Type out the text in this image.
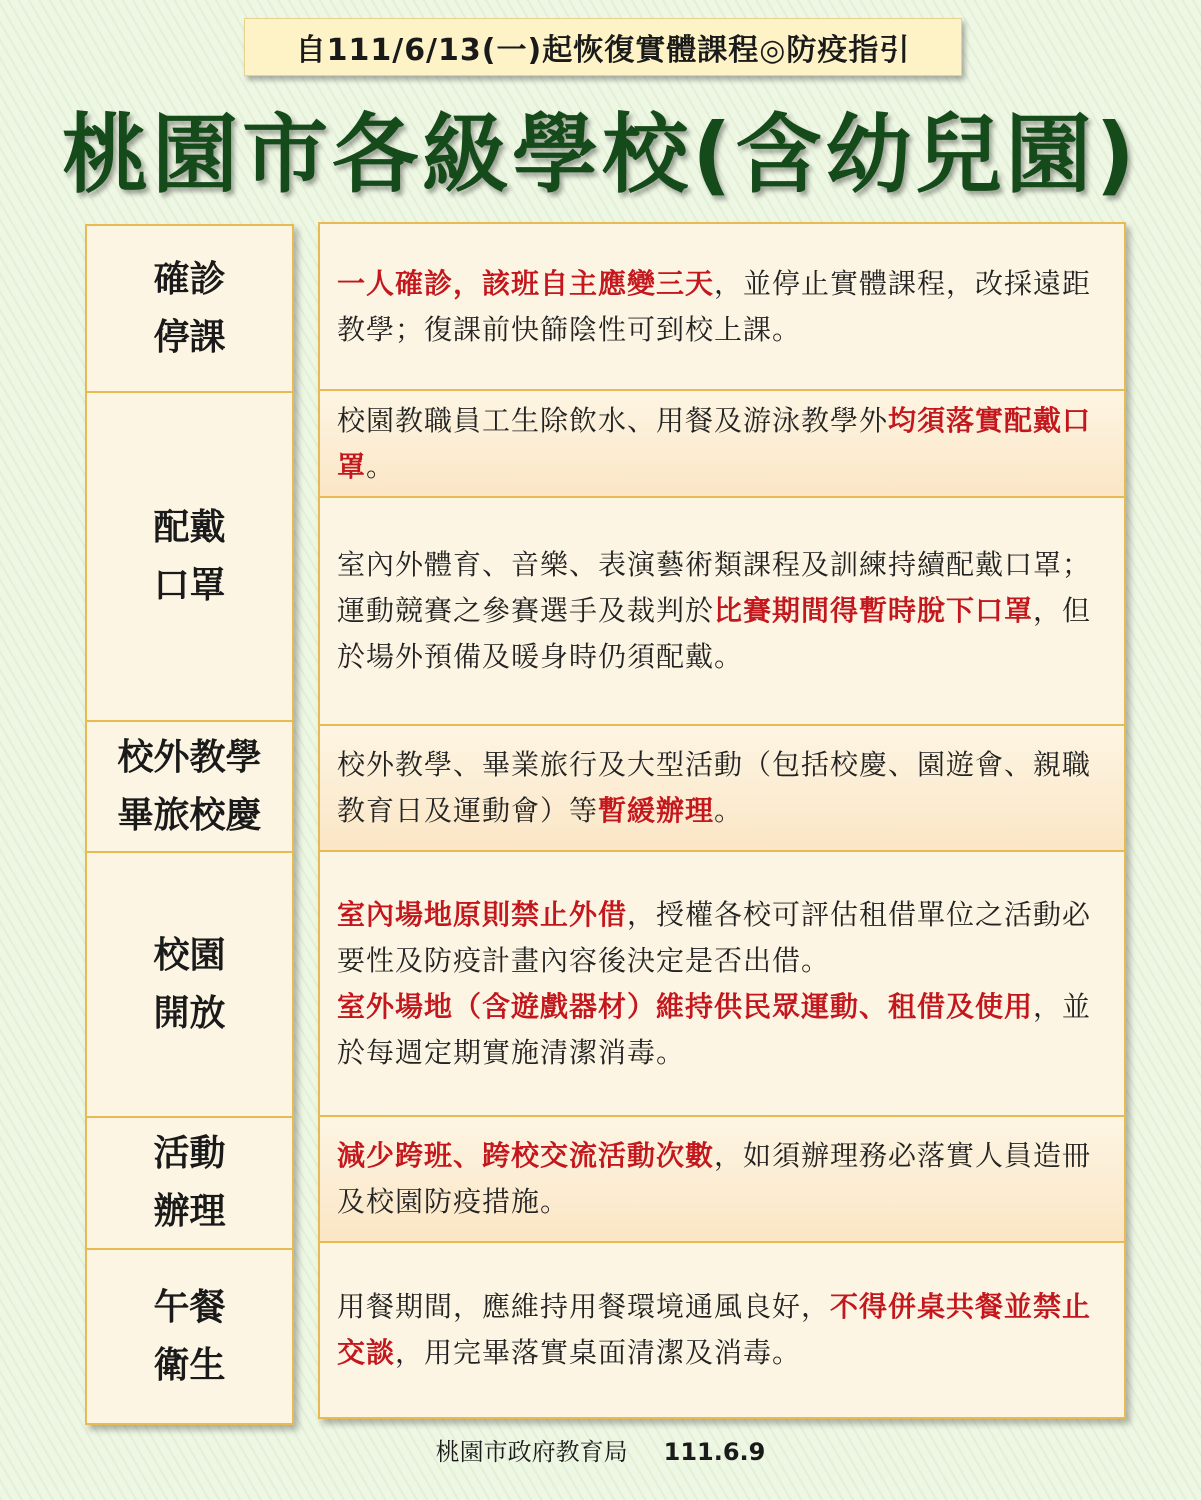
自111/6/13(一)起恢復實體課程◎防疫指引
桃園市各級學校(含幼兒園)
確診
停課
配戴
口罩
校外教學
畢旅校慶
校園
開放
活動
辦理
午餐
衛生

一人確診，該班自主應變三天，並停止實體課程，改採遠距教學；復課前快篩陰性可到校上課。

校園教職員工生除飲水、用餐及游泳教學外均須落實配戴口罩。

室內外體育、音樂、表演藝術類課程及訓練持續配戴口罩；運動競賽之參賽選手及裁判於比賽期間得暫時脫下口罩，但於場外預備及暖身時仍須配戴。

校外教學、畢業旅行及大型活動（包括校慶、園遊會、親職教育日及運動會）等暫緩辦理。

室內場地原則禁止外借，授權各校可評估租借單位之活動必要性及防疫計畫內容後決定是否出借。
室外場地（含遊戲器材）維持供民眾運動、租借及使用，並於每週定期實施清潔消毒。

減少跨班、跨校交流活動次數，如須辦理務必落實人員造冊及校園防疫措施。

用餐期間，應維持用餐環境通風良好，不得併桌共餐並禁止交談，用完畢落實桌面清潔及消毒。

桃園市政府教育局 111.6.9
